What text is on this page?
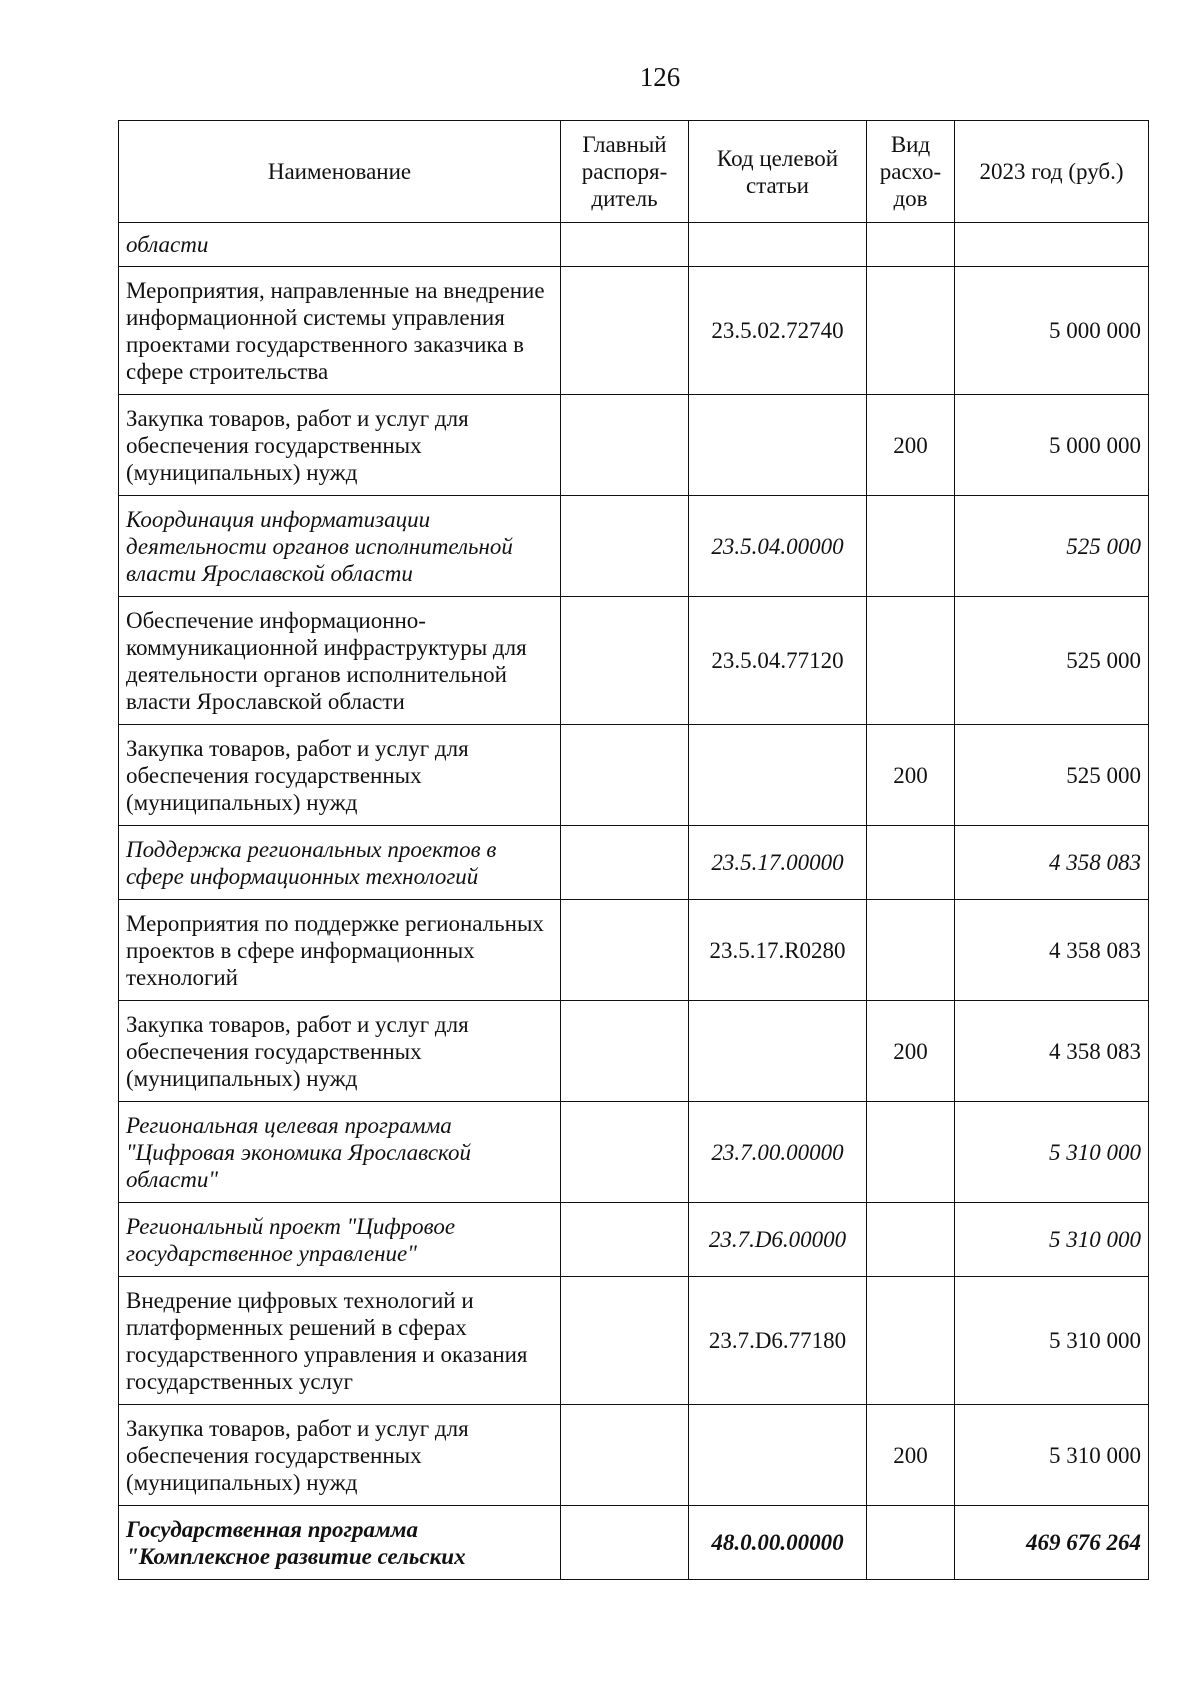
126
Наименование	Главный распоря-дитель	Код целевой статьи	Вид расхо-дов	2023 год (руб.)
области				
Мероприятия, направленные на внедрение информационной системы управления проектами государственного заказчика в сфере строительства		23.5.02.72740		5 000 000
Закупка товаров, работ и услуг для обеспечения государственных (муниципальных) нужд			200	5 000 000
Координация информатизации деятельности органов исполнительной власти Ярославской области		23.5.04.00000		525 000
Обеспечение информационно-коммуникационной инфраструктуры для деятельности органов исполнительной власти Ярославской области		23.5.04.77120		525 000
Закупка товаров, работ и услуг для обеспечения государственных (муниципальных) нужд			200	525 000
Поддержка региональных проектов в сфере информационных технологий		23.5.17.00000		4 358 083
Мероприятия по поддержке региональных проектов в сфере информационных технологий		23.5.17.R0280		4 358 083
Закупка товаров, работ и услуг для обеспечения государственных (муниципальных) нужд			200	4 358 083
Региональная целевая программа "Цифровая экономика Ярославской области"		23.7.00.00000		5 310 000
Региональный проект "Цифровое государственное управление"		23.7.D6.00000		5 310 000
Внедрение цифровых технологий и платформенных решений в сферах государственного управления и оказания государственных услуг		23.7.D6.77180		5 310 000
Закупка товаров, работ и услуг для обеспечения государственных (муниципальных) нужд			200	5 310 000
Государственная программа "Комплексное развитие сельских		48.0.00.00000		469 676 264
